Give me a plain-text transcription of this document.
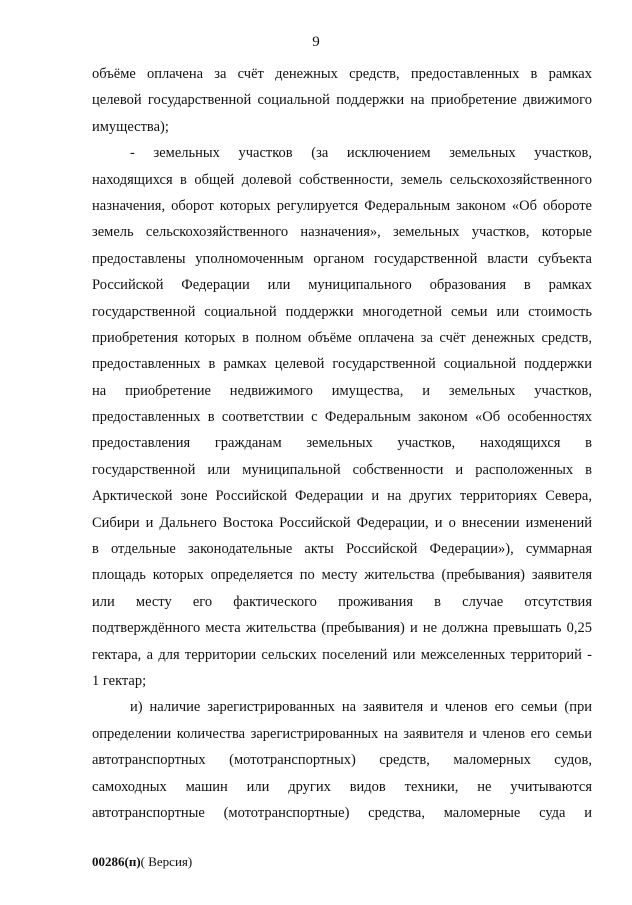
9
объёме оплачена за счёт денежных средств, предоставленных в рамках
целевой государственной социальной поддержки на приобретение движимого
имущества);
- земельных участков (за исключением земельных участков,
находящихся в общей долевой собственности, земель сельскохозяйственного
назначения, оборот которых регулируется Федеральным законом «Об обороте
земель сельскохозяйственного назначения», земельных участков, которые
предоставлены уполномоченным органом государственной власти субъекта
Российской Федерации или муниципального образования в рамках
государственной социальной поддержки многодетной семьи или стоимость
приобретения которых в полном объёме оплачена за счёт денежных средств,
предоставленных в рамках целевой государственной социальной поддержки
на приобретение недвижимого имущества, и земельных участков,
предоставленных в соответствии с Федеральным законом «Об особенностях
предоставления гражданам земельных участков, находящихся в
государственной или муниципальной собственности и расположенных в
Арктической зоне Российской Федерации и на других территориях Севера,
Сибири и Дальнего Востока Российской Федерации, и о внесении изменений
в отдельные законодательные акты Российской Федерации»), суммарная
площадь которых определяется по месту жительства (пребывания) заявителя
или месту его фактического проживания в случае отсутствия
подтверждённого места жительства (пребывания) и не должна превышать 0,25
гектара, а для территории сельских поселений или межселенных территорий -
1 гектар;
и) наличие зарегистрированных на заявителя и членов его семьи (при
определении количества зарегистрированных на заявителя и членов его семьи
автотранспортных (мототранспортных) средств, маломерных судов,
самоходных машин или других видов техники, не учитываются
автотранспортные (мототранспортные) средства, маломерные суда и
00286(п)( Версия)
